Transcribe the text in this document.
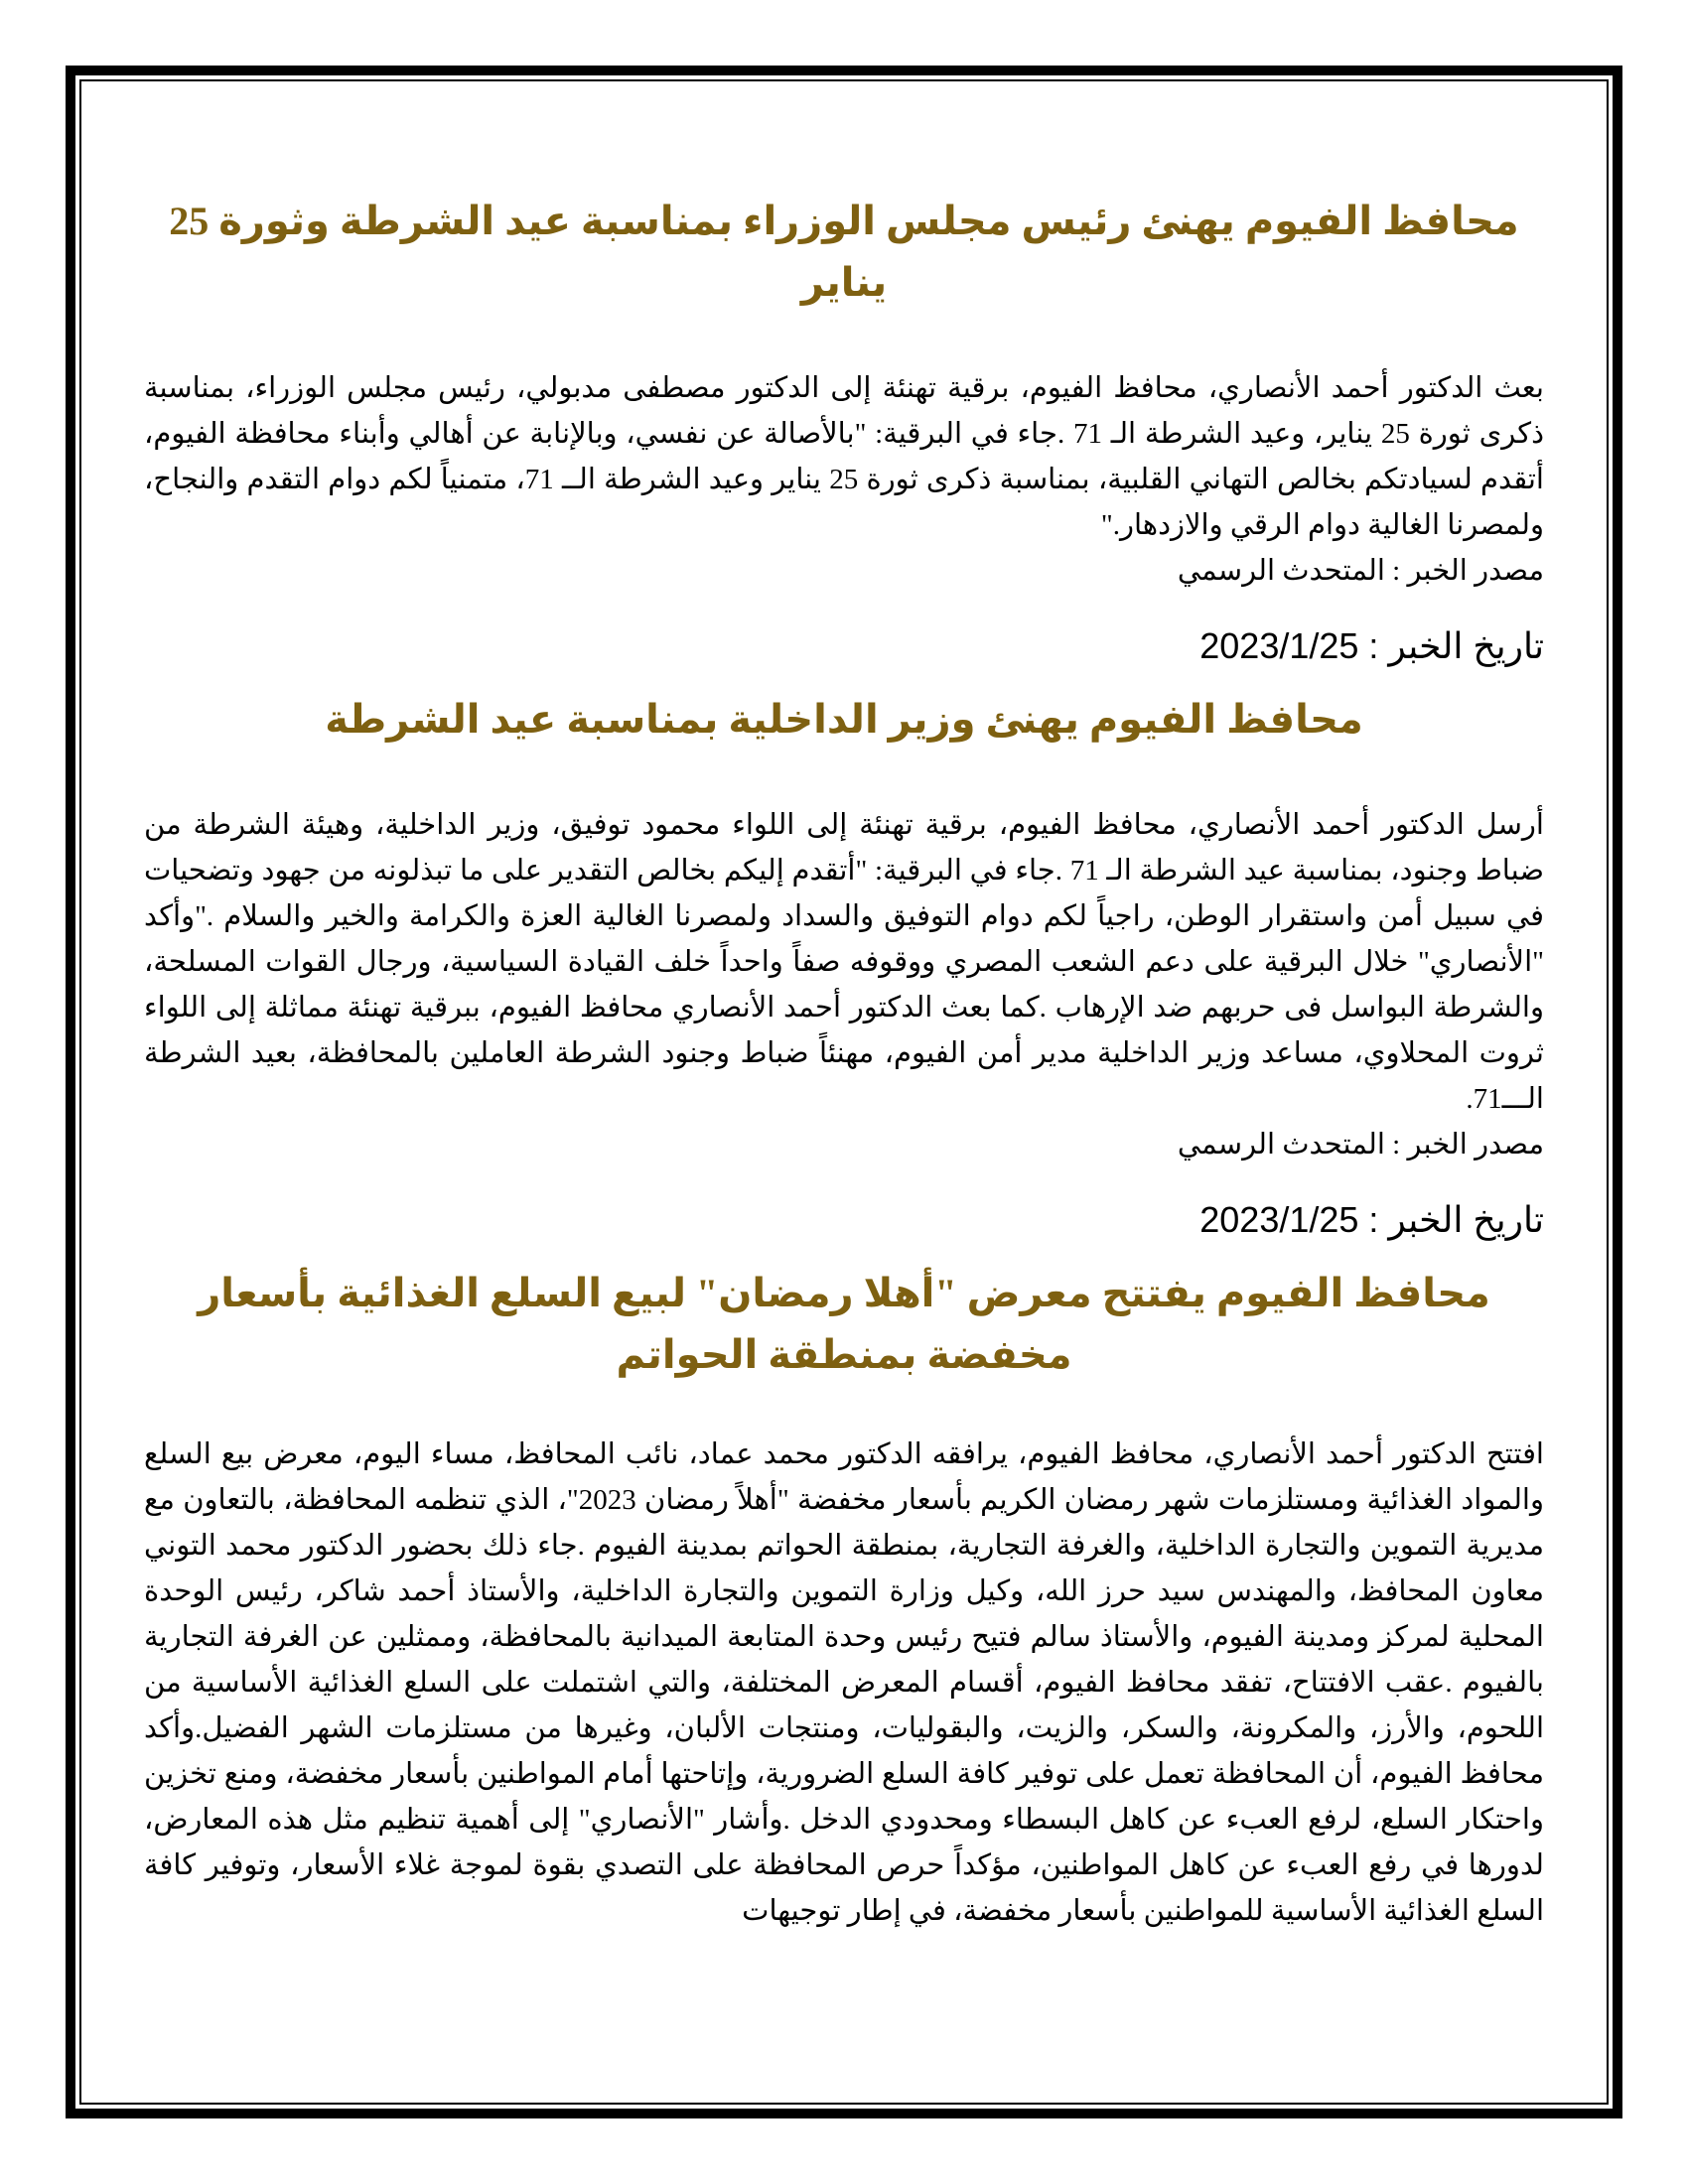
محافظ الفيوم يهنئ رئيس مجلس الوزراء بمناسبة عيد الشرطة وثورة 25 يناير

بعث الدكتور أحمد الأنصاري، محافظ الفيوم، برقية تهنئة إلى الدكتور مصطفى مدبولي، رئيس مجلس الوزراء، بمناسبة ذكرى ثورة 25 يناير، وعيد الشرطة الـ 71 .جاء في البرقية: "بالأصالة عن نفسي، وبالإنابة عن أهالي وأبناء محافظة الفيوم، أتقدم لسيادتكم بخالص التهاني القلبية، بمناسبة ذكرى ثورة 25 يناير وعيد الشرطة الــ 71، متمنياً لكم دوام التقدم والنجاح، ولمصرنا الغالية دوام الرقي والازدهار."

مصدر الخبر : المتحدث الرسمي

تاريخ الخبر : 2023/1/25

محافظ الفيوم يهنئ وزير الداخلية بمناسبة عيد الشرطة

أرسل الدكتور أحمد الأنصاري، محافظ الفيوم، برقية تهنئة إلى اللواء محمود توفيق، وزير الداخلية، وهيئة الشرطة من ضباط وجنود، بمناسبة عيد الشرطة الـ 71 .جاء في البرقية: "أتقدم إليكم بخالص التقدير على ما تبذلونه من جهود وتضحيات في سبيل أمن واستقرار الوطن، راجياً لكم دوام التوفيق والسداد ولمصرنا الغالية العزة والكرامة والخير والسلام ."وأكد "الأنصاري" خلال البرقية على دعم الشعب المصري ووقوفه صفاً واحداً خلف القيادة السياسية، ورجال القوات المسلحة، والشرطة البواسل فى حربهم ضد الإرهاب .كما بعث الدكتور أحمد الأنصاري محافظ الفيوم، ببرقية تهنئة مماثلة إلى اللواء ثروت المحلاوي، مساعد وزير الداخلية مدير أمن الفيوم، مهنئاً ضباط وجنود الشرطة العاملين بالمحافظة، بعيد الشرطة الـــ71.

مصدر الخبر : المتحدث الرسمي

تاريخ الخبر : 2023/1/25

محافظ الفيوم يفتتح معرض "أهلا رمضان" لبيع السلع الغذائية بأسعار مخفضة بمنطقة الحواتم

افتتح الدكتور أحمد الأنصاري، محافظ الفيوم، يرافقه الدكتور محمد عماد، نائب المحافظ، مساء اليوم، معرض بيع السلع والمواد الغذائية ومستلزمات شهر رمضان الكريم بأسعار مخفضة "أهلاً رمضان 2023"، الذي تنظمه المحافظة، بالتعاون مع مديرية التموين والتجارة الداخلية، والغرفة التجارية، بمنطقة الحواتم بمدينة الفيوم .جاء ذلك بحضور الدكتور محمد التوني معاون المحافظ، والمهندس سيد حرز الله، وكيل وزارة التموين والتجارة الداخلية، والأستاذ أحمد شاكر، رئيس الوحدة المحلية لمركز ومدينة الفيوم، والأستاذ سالم فتيح رئيس وحدة المتابعة الميدانية بالمحافظة، وممثلين عن الغرفة التجارية بالفيوم .عقب الافتتاح، تفقد محافظ الفيوم، أقسام المعرض المختلفة، والتي اشتملت على السلع الغذائية الأساسية من اللحوم، والأرز، والمكرونة، والسكر، والزيت، والبقوليات، ومنتجات الألبان، وغيرها من مستلزمات الشهر الفضيل.وأكد محافظ الفيوم، أن المحافظة تعمل على توفير كافة السلع الضرورية، وإتاحتها أمام المواطنين بأسعار مخفضة، ومنع تخزين واحتكار السلع، لرفع العبء عن كاهل البسطاء ومحدودي الدخل .وأشار "الأنصاري" إلى أهمية تنظيم مثل هذه المعارض، لدورها في رفع العبء عن كاهل المواطنين، مؤكداً حرص المحافظة على التصدي بقوة لموجة غلاء الأسعار، وتوفير كافة السلع الغذائية الأساسية للمواطنين بأسعار مخفضة، في إطار توجيهات
